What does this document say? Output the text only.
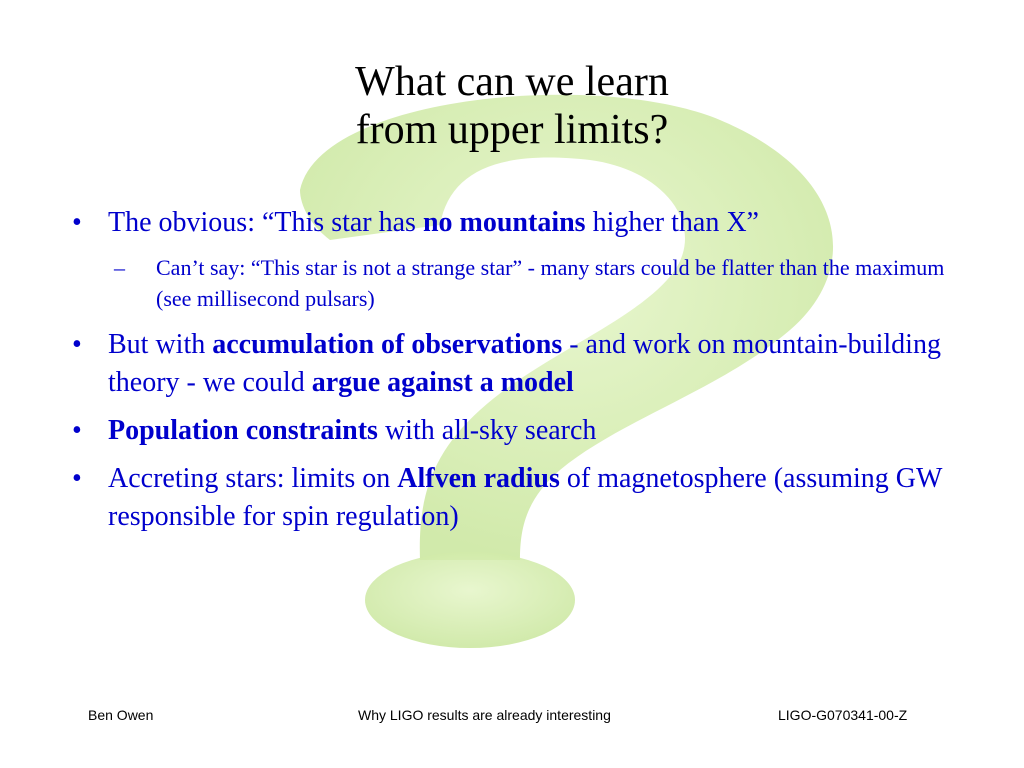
What can we learn
from upper limits?
• The obvious: “This star has no mountains higher than X”
– Can’t say: “This star is not a strange star” - many stars could be flatter than the maximum (see millisecond pulsars)
• But with accumulation of observations - and work on mountain-building theory - we could argue against a model
• Population constraints with all-sky search
• Accreting stars: limits on Alfven radius of magnetosphere (assuming GW responsible for spin regulation)
Ben Owen	Why LIGO results are already interesting	LIGO-G070341-00-Z
